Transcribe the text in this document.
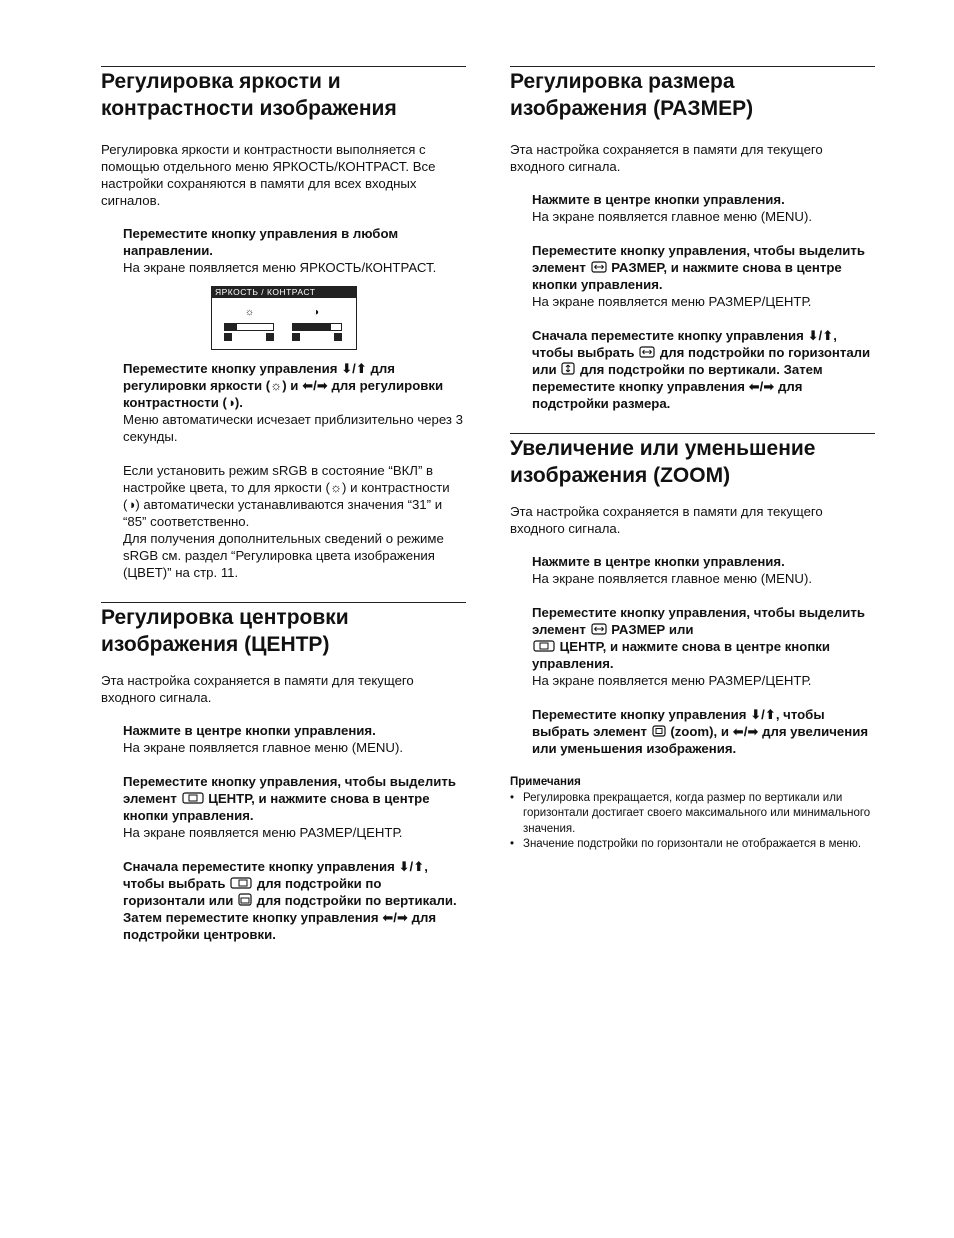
Регулировка яркости и контрастности изображения

Регулировка яркости и контрастности выполняется с помощью отдельного меню ЯРКОСТЬ/КОНТРАСТ. Все настройки сохраняются в памяти для всех входных сигналов.

Переместите кнопку управления в любом направлении.
На экране появляется меню ЯРКОСТЬ/КОНТРАСТ.

ЯРКОСТЬ / КОНТРАСТ
☼	◑

Переместите кнопку управления ⬇/⬆ для регулировки яркости (☼) и ⬅/➡ для регулировки контрастности (◑).
Меню автоматически исчезает приблизительно через 3 секунды.

Если установить режим sRGB в состояние “ВКЛ” в настройке цвета, то для яркости (☼) и контрастности (◑) автоматически устанавливаются значения “31” и “85” соответственно.
Для получения дополнительных сведений о режиме sRGB см. раздел “Регулировка цвета изображения (ЦВЕТ)” на стр. 11.

Регулировка центровки изображения (ЦЕНТР)

Эта настройка сохраняется в памяти для текущего входного сигнала.

Нажмите в центре кнопки управления.
На экране появляется главное меню (MENU).

Переместите кнопку управления, чтобы выделить элемент ЦЕНТР, и нажмите снова в центре кнопки управления.
На экране появляется меню РАЗМЕР/ЦЕНТР.

Сначала переместите кнопку управления ⬇/⬆, чтобы выбрать для подстройки по горизонтали или для подстройки по вертикали. Затем переместите кнопку управления ⬅/➡ для подстройки центровки.

Регулировка размера изображения (РАЗМЕР)

Эта настройка сохраняется в памяти для текущего входного сигнала.

Нажмите в центре кнопки управления.
На экране появляется главное меню (MENU).

Переместите кнопку управления, чтобы выделить элемент РАЗМЕР, и нажмите снова в центре кнопки управления.
На экране появляется меню РАЗМЕР/ЦЕНТР.

Сначала переместите кнопку управления ⬇/⬆, чтобы выбрать для подстройки по горизонтали или для подстройки по вертикали. Затем переместите кнопку управления ⬅/➡ для подстройки размера.

Увеличение или уменьшение изображения (ZOOM)

Эта настройка сохраняется в памяти для текущего входного сигнала.

Нажмите в центре кнопки управления.
На экране появляется главное меню (MENU).

Переместите кнопку управления, чтобы выделить элемент РАЗМЕР или
ЦЕНТР, и нажмите снова в центре кнопки управления.
На экране появляется меню РАЗМЕР/ЦЕНТР.

Переместите кнопку управления ⬇/⬆, чтобы выбрать элемент (zoom), и ⬅/➡ для увеличения или уменьшения изображения.

Примечания
• Регулировка прекращается, когда размер по вертикали или горизонтали достигает своего максимального или минимального значения.
• Значение подстройки по горизонтали не отображается в меню.
